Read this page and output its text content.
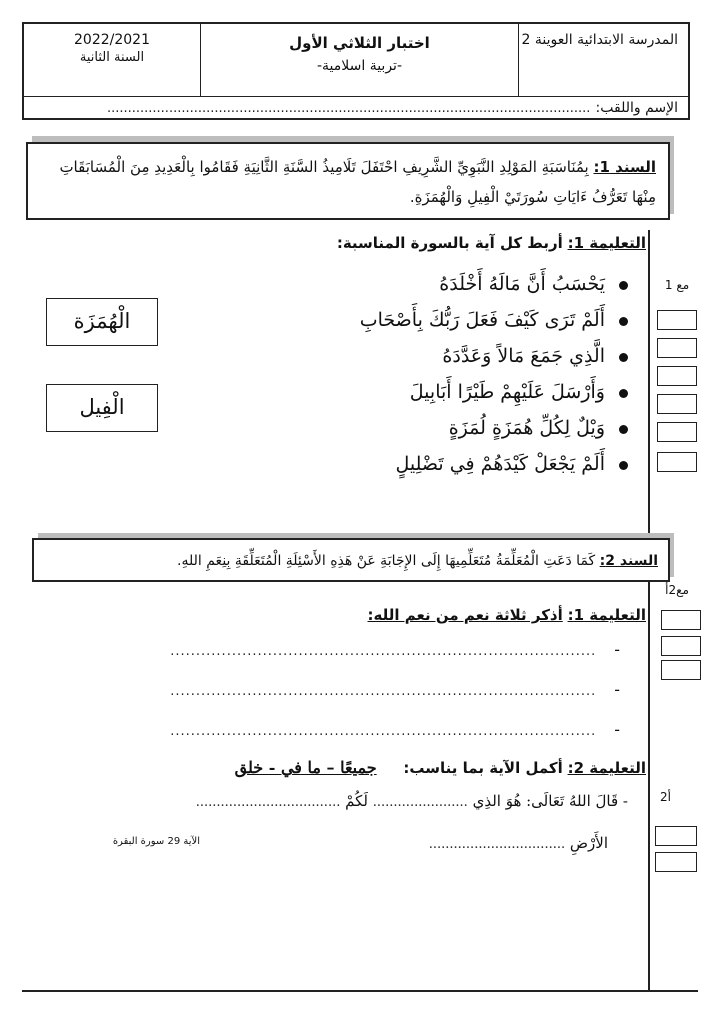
المدرسة الابتدائية العوينة 2
اختبار الثلاثي الأول
-تربية اسلامية-
2022/2021
السنة الثانية
الإسم واللقب: .....................................................................................................................
السند 1: بِمُنَاسَبَةِ المَوْلِدِ النَّبَوِيِّ الشَّرِيفِ احْتَفَلَ تَلَامِيذُ السَّنَةِ الثَّانِيَةِ فَقَامُوا بِالْعَدِيدِ مِنَ الْمُسَابَقَاتِ مِنْهَا تَعَرُّفُ ءَايَاتِ سُورَتَيْ الْفِيلِ وَالْهُمَزَةِ.
التعليمة 1: أربط كل آية بالسورة المناسبة:
مع 1
يَحْسَبُ أَنَّ مَالَهُ أَخْلَدَهُ
أَلَمْ تَرَى كَيْفَ فَعَلَ رَبُّكَ بِأَصْحَابِ
الَّذِي جَمَعَ مَالاً وَعَدَّدَهُ
وَأَرْسَلَ عَلَيْهِمْ طَيْرًا أَبَابِيلَ
وَيْلٌ لِكُلِّ هُمَزَةٍ لُمَزَةٍ
أَلَمْ يَجْعَلْ كَيْدَهُمْ فِي تَضْلِيلٍ
الْهُمَزَة
الْفِيل
السند 2: كَمَا دَعَتِ الْمُعَلِّمَةُ مُتَعَلِّمِيهَا إِلَى الإِجَابَةِ عَنْ هَذِهِ الأَسْئِلَةِ الْمُتَعَلِّقَةِ بِنِعَمِ اللهِ.
مع2أ
التعليمة 1: أذكر ثلاثة نعم من نعم الله:
-...................................................................................
-...................................................................................
-...................................................................................
التعليمة 2: أكمل الآية بما يناسب: جميعًا – ما في - خلق
أ2
- قَالَ اللهُ تَعَالَى: هُوَ الذِي ....................... لَكُمْ ...................................
الأَرْضِ .................................
الآية 29 سورة البقرة
